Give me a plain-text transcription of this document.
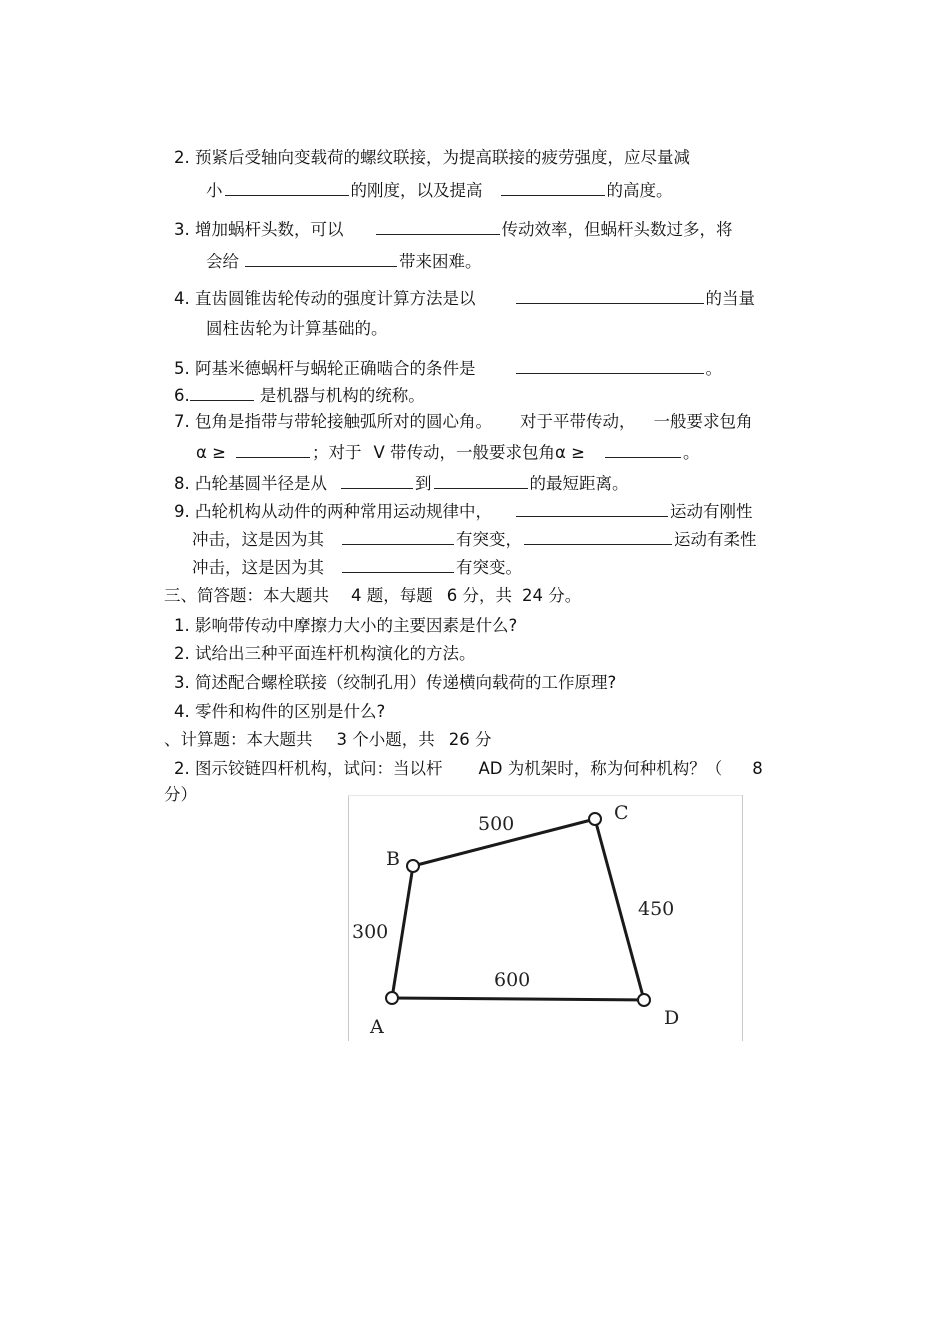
2. 预紧后受轴向变载荷的螺纹联接，为提高联接的疲劳强度，应尽量减
小	的刚度，以及提高	的高度。
3. 增加蜗杆头数，可以	传动效率，但蜗杆头数过多，将
会给	带来困难。
4. 直齿圆锥齿轮传动的强度计算方法是以	的当量
圆柱齿轮为计算基础的。
5. 阿基米德蜗杆与蜗轮正确啮合的条件是	。
6.	是机器与机构的统称。
7. 包角是指带与带轮接触弧所对的圆心角。 对于平带传动， 一般要求包角
α ≥	；对于 V 带传动，一般要求包角α ≥	。
8. 凸轮基圆半径是从	到	的最短距离。
9. 凸轮机构从动件的两种常用运动规律中，	运动有刚性
冲击，这是因为其	有突变，	运动有柔性
冲击，这是因为其	有突变。
三、简答题：本大题共 4 题，每题 6 分，共 24 分。
1. 影响带传动中摩擦力大小的主要因素是什么?
2. 试给出三种平面连杆机构演化的方法。
3. 简述配合螺栓联接（绞制孔用）传递横向载荷的工作原理?
4. 零件和构件的区别是什么?
、计算题：本大题共 3 个小题，共 26 分
2. 图示铰链四杆机构，试问：当以杆 AD 为机架时，称为何种机构？（ 8
分）
A
B
C
D
300
500
450
600
